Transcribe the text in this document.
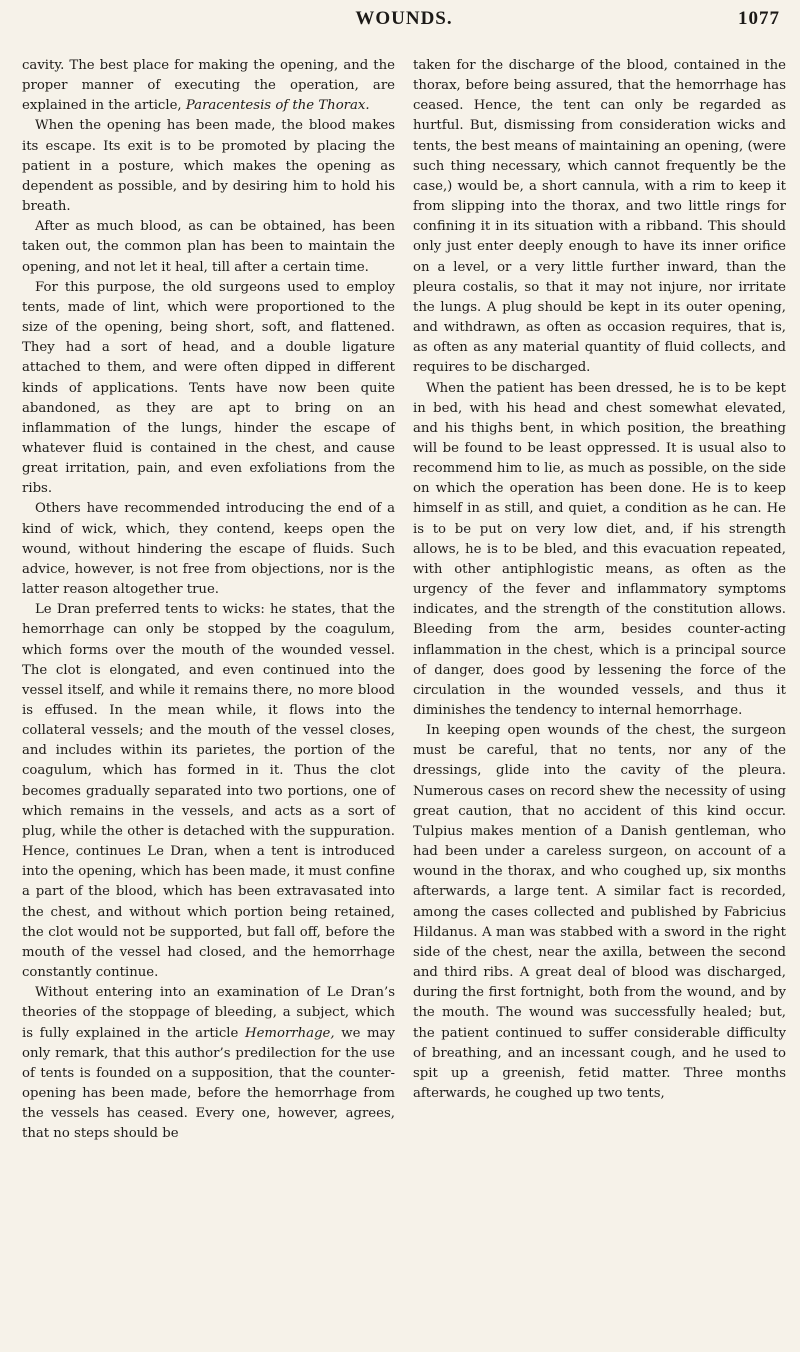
WOUNDS.	1077

cavity. The best place for making the opening, and the proper manner of executing the operation, are explained in the article, Paracentesis of the Thorax.

When the opening has been made, the blood makes its escape. Its exit is to be promoted by placing the patient in a posture, which makes the opening as dependent as possible, and by desiring him to hold his breath.

After as much blood, as can be obtained, has been taken out, the common plan has been to maintain the opening, and not let it heal, till after a certain time.

For this purpose, the old surgeons used to employ tents, made of lint, which were proportioned to the size of the opening, being short, soft, and flattened. They had a sort of head, and a double ligature attached to them, and were often dipped in different kinds of applications. Tents have now been quite abandoned, as they are apt to bring on an inflammation of the lungs, hinder the escape of whatever fluid is contained in the chest, and cause great irritation, pain, and even exfoliations from the ribs.

Others have recommended introducing the end of a kind of wick, which, they contend, keeps open the wound, without hindering the escape of fluids. Such advice, however, is not free from objections, nor is the latter reason altogether true.

Le Dran preferred tents to wicks: he states, that the hemorrhage can only be stopped by the coagulum, which forms over the mouth of the wounded vessel. The clot is elongated, and even continued into the vessel itself, and while it remains there, no more blood is effused. In the mean while, it flows into the collateral vessels; and the mouth of the vessel closes, and includes within its parietes, the portion of the coagulum, which has formed in it. Thus the clot becomes gradually separated into two portions, one of which remains in the vessels, and acts as a sort of plug, while the other is detached with the suppuration. Hence, continues Le Dran, when a tent is introduced into the opening, which has been made, it must confine a part of the blood, which has been extravasated into the chest, and without which portion being retained, the clot would not be supported, but fall off, before the mouth of the vessel had closed, and the hemorrhage constantly continue.

Without entering into an examination of Le Dran’s theories of the stoppage of bleeding, a subject, which is fully explained in the article Hemorrhage, we may only remark, that this author’s predilection for the use of tents is founded on a supposition, that the counter-opening has been made, before the hemorrhage from the vessels has ceased. Every one, however, agrees, that no steps should be

taken for the discharge of the blood, contained in the thorax, before being assured, that the hemorrhage has ceased. Hence, the tent can only be regarded as hurtful. But, dismissing from consideration wicks and tents, the best means of maintaining an opening, (were such thing necessary, which cannot frequently be the case,) would be, a short cannula, with a rim to keep it from slipping into the thorax, and two little rings for confining it in its situation with a ribband. This should only just enter deeply enough to have its inner orifice on a level, or a very little further inward, than the pleura costalis, so that it may not injure, nor irritate the lungs. A plug should be kept in its outer opening, and withdrawn, as often as occasion requires, that is, as often as any material quantity of fluid collects, and requires to be discharged.

When the patient has been dressed, he is to be kept in bed, with his head and chest somewhat elevated, and his thighs bent, in which position, the breathing will be found to be least oppressed. It is usual also to recommend him to lie, as much as possible, on the side on which the operation has been done. He is to keep himself in as still, and quiet, a condition as he can. He is to be put on very low diet, and, if his strength allows, he is to be bled, and this evacuation repeated, with other antiphlogistic means, as often as the urgency of the fever and inflammatory symptoms indicates, and the strength of the constitution allows. Bleeding from the arm, besides counter-acting inflammation in the chest, which is a principal source of danger, does good by lessening the force of the circulation in the wounded vessels, and thus it diminishes the tendency to internal hemorrhage.

In keeping open wounds of the chest, the surgeon must be careful, that no tents, nor any of the dressings, glide into the cavity of the pleura. Numerous cases on record shew the necessity of using great caution, that no accident of this kind occur. Tulpius makes mention of a Danish gentleman, who had been under a careless surgeon, on account of a wound in the thorax, and who coughed up, six months afterwards, a large tent. A similar fact is recorded, among the cases collected and published by Fabricius Hildanus. A man was stabbed with a sword in the right side of the chest, near the axilla, between the second and third ribs. A great deal of blood was discharged, during the first fortnight, both from the wound, and by the mouth. The wound was successfully healed; but, the patient continued to suffer considerable difficulty of breathing, and an incessant cough, and he used to spit up a greenish, fetid matter. Three months afterwards, he coughed up two tents,
